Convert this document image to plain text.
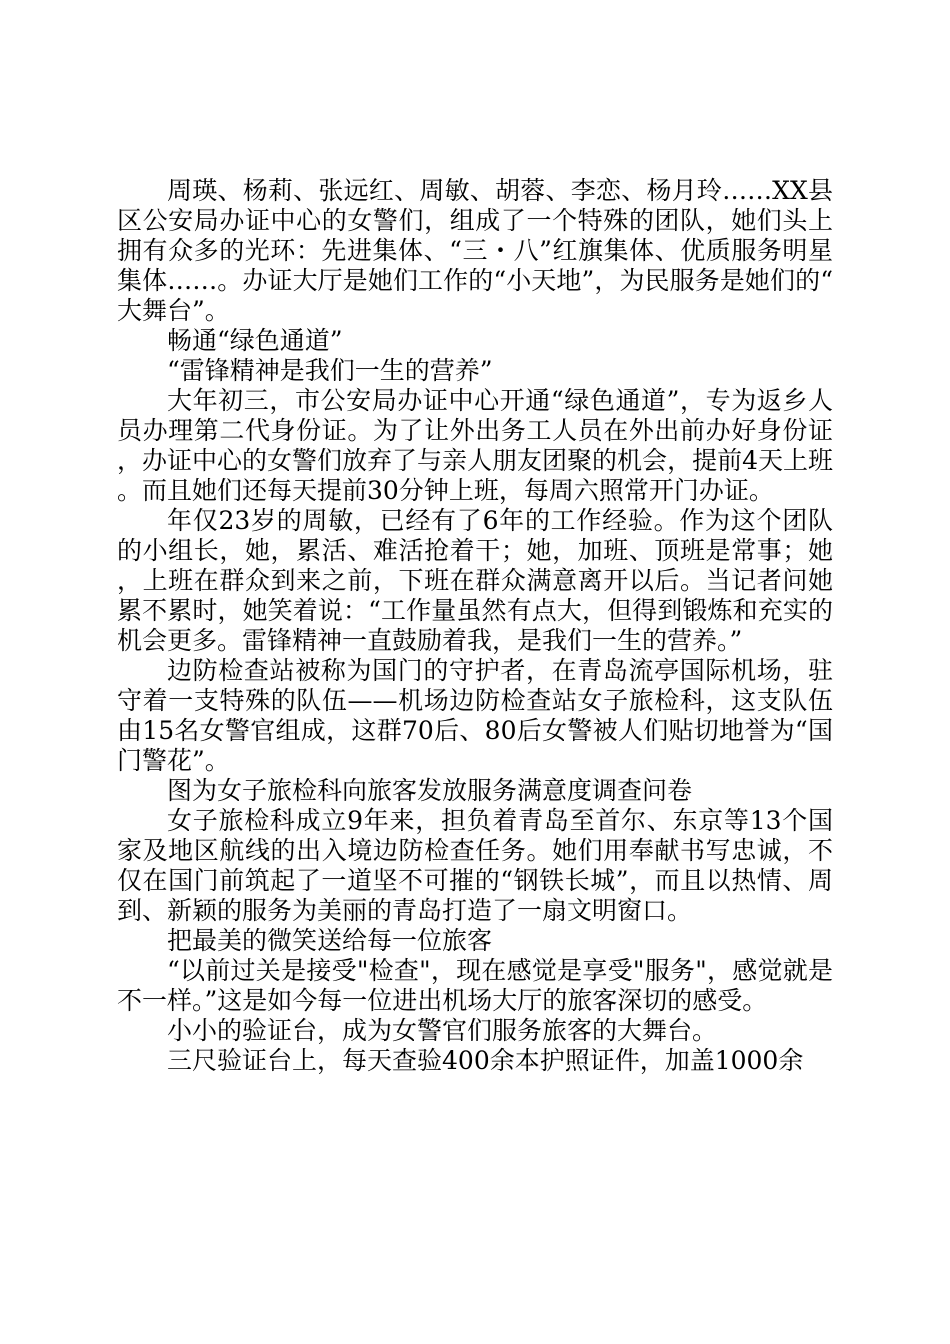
周瑛、杨莉、张远红、周敏、胡蓉、李恋、杨月玲……XX县区公安局办证中心的女警们，组成了一个特殊的团队，她们头上拥有众多的光环：先进集体、“三・八”红旗集体、优质服务明星集体……。办证大厅是她们工作的“小天地”，为民服务是她们的“大舞台”。

畅通“绿色通道”

“雷锋精神是我们一生的营养”

大年初三，市公安局办证中心开通“绿色通道”，专为返乡人员办理第二代身份证。为了让外出务工人员在外出前办好身份证，办证中心的女警们放弃了与亲人朋友团聚的机会，提前4天上班。而且她们还每天提前30分钟上班，每周六照常开门办证。

年仅23岁的周敏，已经有了6年的工作经验。作为这个团队的小组长，她，累活、难活抢着干；她，加班、顶班是常事；她，上班在群众到来之前，下班在群众满意离开以后。当记者问她累不累时，她笑着说：“工作量虽然有点大，但得到锻炼和充实的机会更多。雷锋精神一直鼓励着我，是我们一生的营养。”

边防检查站被称为国门的守护者，在青岛流亭国际机场，驻守着一支特殊的队伍——机场边防检查站女子旅检科，这支队伍由15名女警官组成，这群70后、80后女警被人们贴切地誉为“国门警花”。

图为女子旅检科向旅客发放服务满意度调查问卷

女子旅检科成立9年来，担负着青岛至首尔、东京等13个国家及地区航线的出入境边防检查任务。她们用奉献书写忠诚，不仅在国门前筑起了一道坚不可摧的“钢铁长城”，而且以热情、周到、新颖的服务为美丽的青岛打造了一扇文明窗口。

把最美的微笑送给每一位旅客

“以前过关是接受"检查"，现在感觉是享受"服务"，感觉就是不一样。”这是如今每一位进出机场大厅的旅客深切的感受。

小小的验证台，成为女警官们服务旅客的大舞台。

三尺验证台上，每天查验400余本护照证件，加盖1000余
